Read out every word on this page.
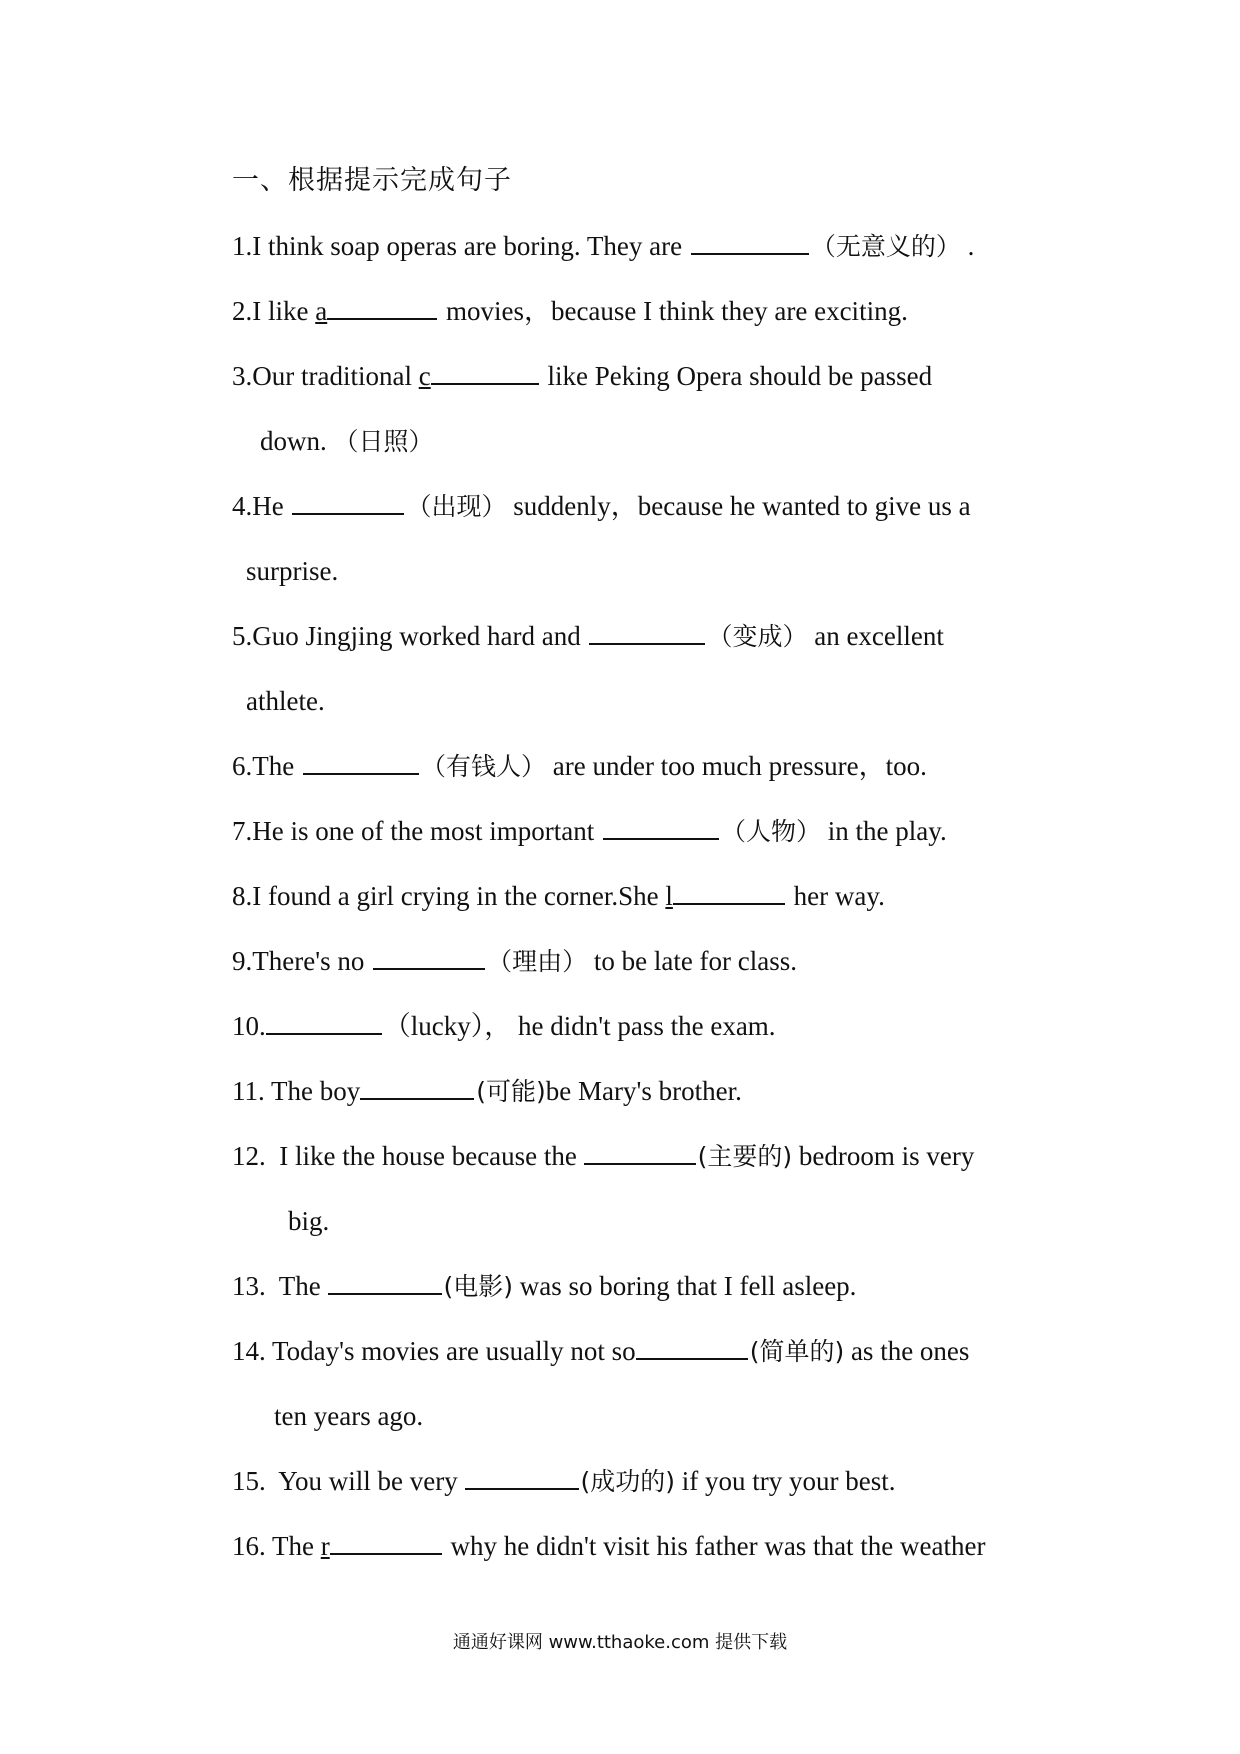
一、根据提示完成句子
1.I think soap operas are boring. They are	（无意义的） .
2.I like a	movies，because I think they are exciting.
3.Our traditional c	like Peking Opera should be passed
down. （日照）
4.He	（出现） suddenly，because he wanted to give us a
surprise.
5.Guo Jingjing worked hard and	（变成） an excellent
athlete.
6.The	（有钱人） are under too much pressure，too.
7.He is one of the most important	（人物） in the play.
8.I found a girl crying in the corner.She l	her way.
9.There's no	（理由） to be late for class.
10.	（lucky）， he didn't pass the exam.
11. The boy	(可能)be Mary's brother.
12.  I like the house because the	(主要的) bedroom is very
big.
13.  The	(电影) was so boring that I fell asleep.
14. Today's movies are usually not so	(简单的) as the ones
ten years ago.
15.  You will be very	(成功的) if you try your best.
16. The r	why he didn't visit his father was that the weather
通通好课网 www.tthaoke.com 提供下载
